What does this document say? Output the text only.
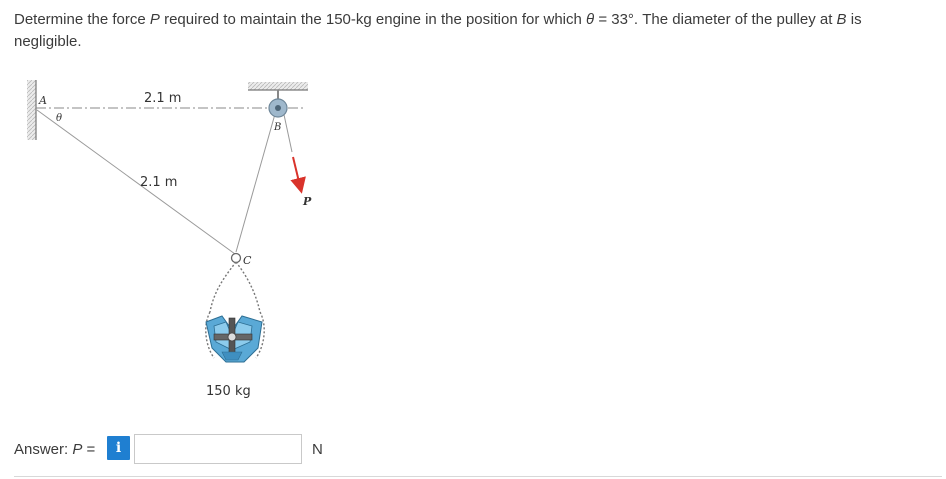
Determine the force P required to maintain the 150-kg engine in the position for which θ = 33°. The diameter of the pulley at B is negligible.
A
θ
B
C
P
2.1 m
2.1 m
150 kg
Answer: P =	i	N
